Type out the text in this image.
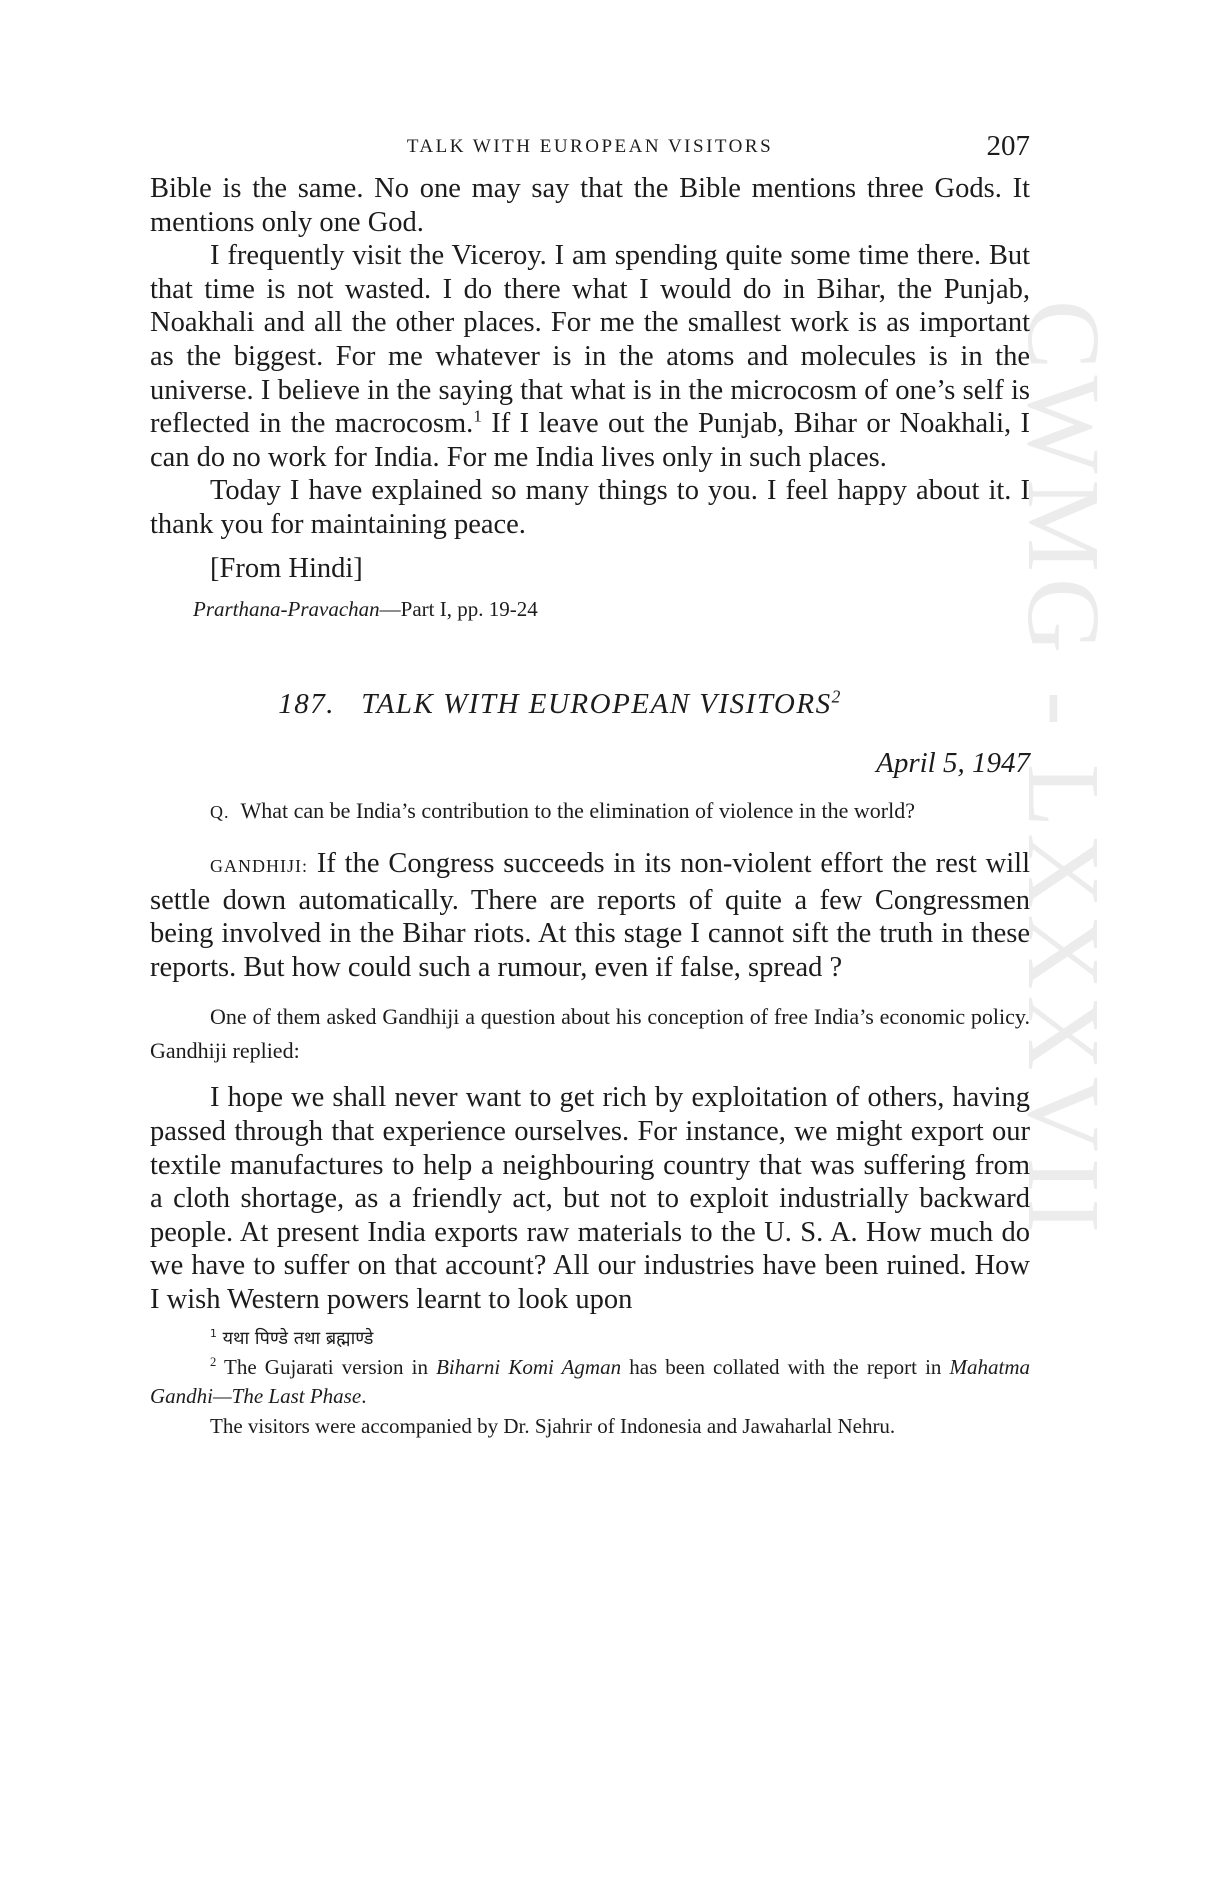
CWMG - LXXXVII
TALK WITH EUROPEAN VISITORS	207

Bible is the same. No one may say that the Bible mentions three Gods. It mentions only one God.

I frequently visit the Viceroy. I am spending quite some time there. But that time is not wasted. I do there what I would do in Bihar, the Punjab, Noakhali and all the other places. For me the smallest work is as important as the biggest. For me whatever is in the atoms and molecules is in the universe. I believe in the saying that what is in the microcosm of one’s self is reflected in the macrocosm.$^1$ If I leave out the Punjab, Bihar or Noakhali, I can do no work for India. For me India lives only in such places.

Today I have explained so many things to you. I feel happy about it. I thank you for maintaining peace.

[From Hindi]

Prarthana-Pravachan—Part I, pp. 19-24

187. TALK WITH EUROPEAN VISITORS$^2$
April 5, 1947

Q. What can be India’s contribution to the elimination of violence in the world?

GANDHIJI: If the Congress succeeds in its non-violent effort the rest will settle down automatically. There are reports of quite a few Congressmen being involved in the Bihar riots. At this stage I cannot sift the truth in these reports. But how could such a rumour, even if false, spread ?

One of them asked Gandhiji a question about his conception of free India’s economic policy. Gandhiji replied:

I hope we shall never want to get rich by exploitation of others, having passed through that experience ourselves. For instance, we might export our textile manufactures to help a neighbouring country that was suffering from a cloth shortage, as a friendly act, but not to exploit industrially backward people. At present India exports raw materials to the U. S. A. How much do we have to suffer on that account? All our industries have been ruined. How I wish Western powers learnt to look upon

$^1$ यथा पिण्डे तथा ब्रह्माण्डे

$^2$ The Gujarati version in Biharni Komi Agman has been collated with the report in Mahatma Gandhi—The Last Phase.

The visitors were accompanied by Dr. Sjahrir of Indonesia and Jawaharlal Nehru.
